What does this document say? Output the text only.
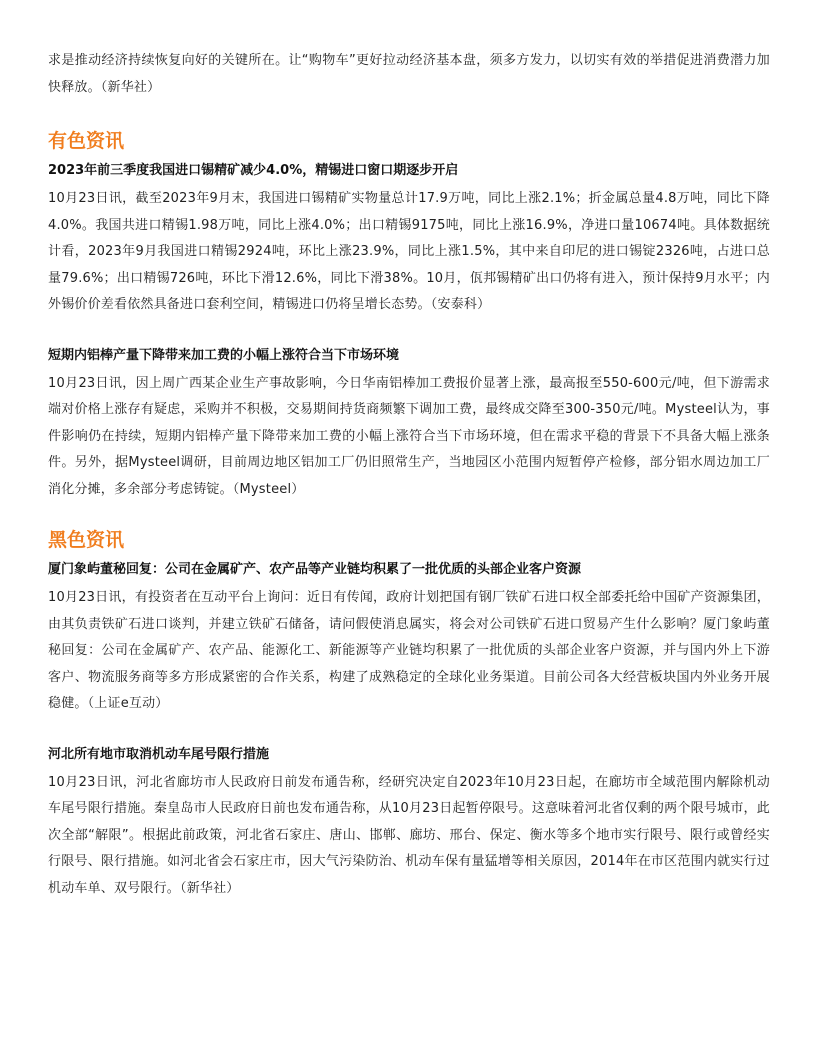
求是推动经济持续恢复向好的关键所在。让“购物车”更好拉动经济基本盘，须多方发力，以切实有效的举措促进消费潜力加快释放。（新华社）

有色资讯
2023年前三季度我国进口锡精矿减少4.0%，精锡进口窗口期逐步开启

10月23日讯，截至2023年9月末，我国进口锡精矿实物量总计17.9万吨，同比上涨2.1%；折金属总量4.8万吨，同比下降4.0%。我国共进口精锡1.98万吨，同比上涨4.0%；出口精锡9175吨，同比上涨16.9%，净进口量10674吨。具体数据统计看，2023年9月我国进口精锡2924吨，环比上涨23.9%，同比上涨1.5%，其中来自印尼的进口锡锭2326吨，占进口总量79.6%；出口精锡726吨，环比下滑12.6%，同比下滑38%。10月，佤邦锡精矿出口仍将有进入，预计保持9月水平；内外锡价价差看依然具备进口套利空间，精锡进口仍将呈增长态势。（安泰科）

短期内铝棒产量下降带来加工费的小幅上涨符合当下市场环境

10月23日讯，因上周广西某企业生产事故影响，今日华南铝棒加工费报价显著上涨，最高报至550-600元/吨，但下游需求端对价格上涨存有疑虑，采购并不积极，交易期间持货商频繁下调加工费，最终成交降至300-350元/吨。Mysteel认为，事件影响仍在持续，短期内铝棒产量下降带来加工费的小幅上涨符合当下市场环境，但在需求平稳的背景下不具备大幅上涨条件。另外，据Mysteel调研，目前周边地区铝加工厂仍旧照常生产，当地园区小范围内短暂停产检修，部分铝水周边加工厂消化分摊，多余部分考虑铸锭。（Mysteel）

黑色资讯
厦门象屿董秘回复：公司在金属矿产、农产品等产业链均积累了一批优质的头部企业客户资源

10月23日讯，有投资者在互动平台上询问：近日有传闻，政府计划把国有钢厂铁矿石进口权全部委托给中国矿产资源集团，由其负责铁矿石进口谈判，并建立铁矿石储备，请问假使消息属实，将会对公司铁矿石进口贸易产生什么影响？厦门象屿董秘回复：公司在金属矿产、农产品、能源化工、新能源等产业链均积累了一批优质的头部企业客户资源，并与国内外上下游客户、物流服务商等多方形成紧密的合作关系，构建了成熟稳定的全球化业务渠道。目前公司各大经营板块国内外业务开展稳健。（上证e互动）

河北所有地市取消机动车尾号限行措施

10月23日讯，河北省廊坊市人民政府日前发布通告称，经研究决定自2023年10月23日起，在廊坊市全域范围内解除机动车尾号限行措施。秦皇岛市人民政府日前也发布通告称，从10月23日起暂停限号。这意味着河北省仅剩的两个限号城市，此次全部“解限”。根据此前政策，河北省石家庄、唐山、邯郸、廊坊、邢台、保定、衡水等多个地市实行限号、限行或曾经实行限号、限行措施。如河北省会石家庄市，因大气污染防治、机动车保有量猛增等相关原因，2014年在市区范围内就实行过机动车单、双号限行。（新华社）
